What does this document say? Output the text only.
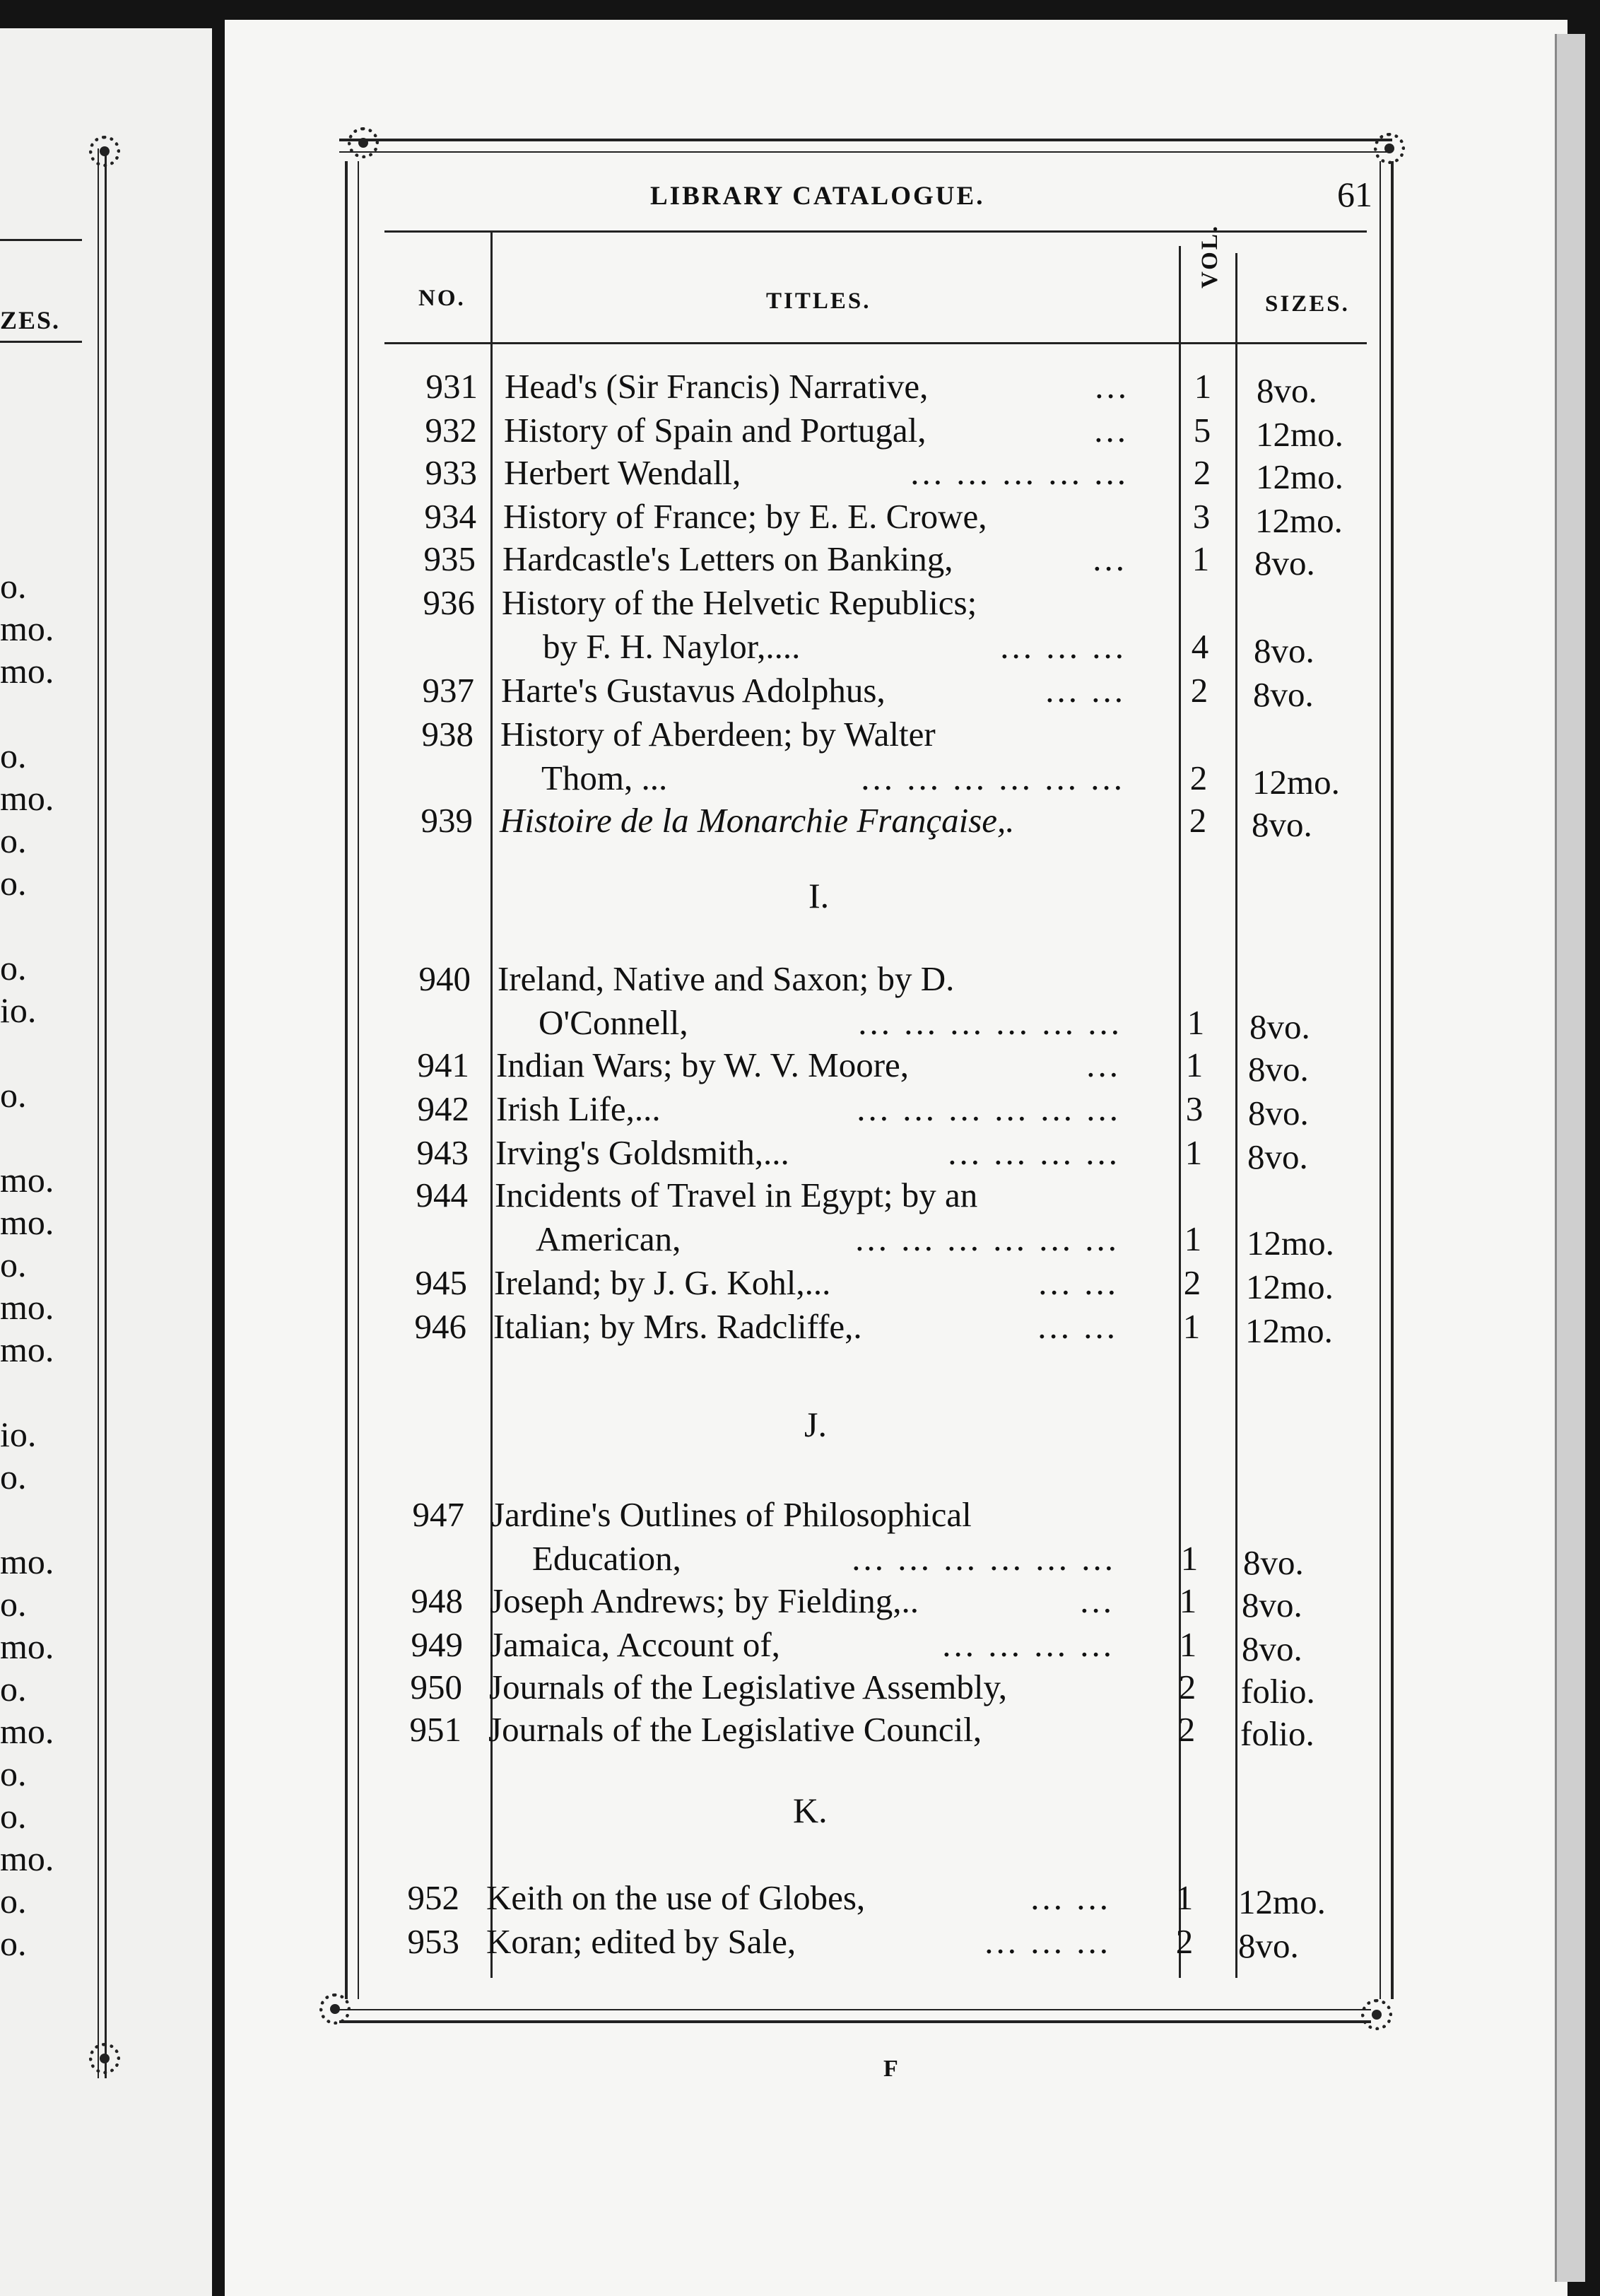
ZES.
o.
mo.
mo.
o.
mo.
o.
o.
o.
io.
o.
mo.
mo.
o.
mo.
mo.
io.
o.
mo.
o.
mo.
o.
mo.
o.
o.
mo.
o.
o.
LIBRARY CATALOGUE.	61
NO.	TITLES.
VOL.
SIZES.
931 Head's (Sir Francis) Narrative,	... 1 8vo.
932 History of Spain and Portugal,	... 5 12mo.
933 Herbert Wendall,	... ... ... ... ... 2 12mo.
934 History of France; by E. E. Crowe,	3 12mo.
935 Hardcastle's Letters on Banking,	... 1 8vo.
936 History of the Helvetic Republics;
by F. H. Naylor,....	... ... ... 4 8vo.
937 Harte's Gustavus Adolphus,	... ... 2 8vo.
938 History of Aberdeen; by Walter
Thom, ...	... ... ... ... ... ... 2 12mo.
939 Histoire de la Monarchie Française,.	2 8vo.
940 Ireland, Native and Saxon; by D.
O'Connell,	... ... ... ... ... ... 1 8vo.
941 Indian Wars; by W. V. Moore,	... 1 8vo.
942 Irish Life,...	... ... ... ... ... ... 3 8vo.
943 Irving's Goldsmith,...	... ... ... ... 1 8vo.
944 Incidents of Travel in Egypt; by an
American,	... ... ... ... ... ... 1 12mo.
945 Ireland; by J. G. Kohl,...	... ... 2 12mo.
946 Italian; by Mrs. Radcliffe,.	... ... 1 12mo.
947 Jardine's Outlines of Philosophical
Education,	... ... ... ... ... ... 1 8vo.
948 Joseph Andrews; by Fielding,..	... 1 8vo.
949 Jamaica, Account of,	... ... ... ... 1 8vo.
950 Journals of the Legislative Assembly,	2 folio.
951 Journals of the Legislative Council,	2 folio.
952 Keith on the use of Globes,	... ... 1 12mo.
953 Koran; edited by Sale,	... ... ... 2 8vo.
I.
J.
K.
F
